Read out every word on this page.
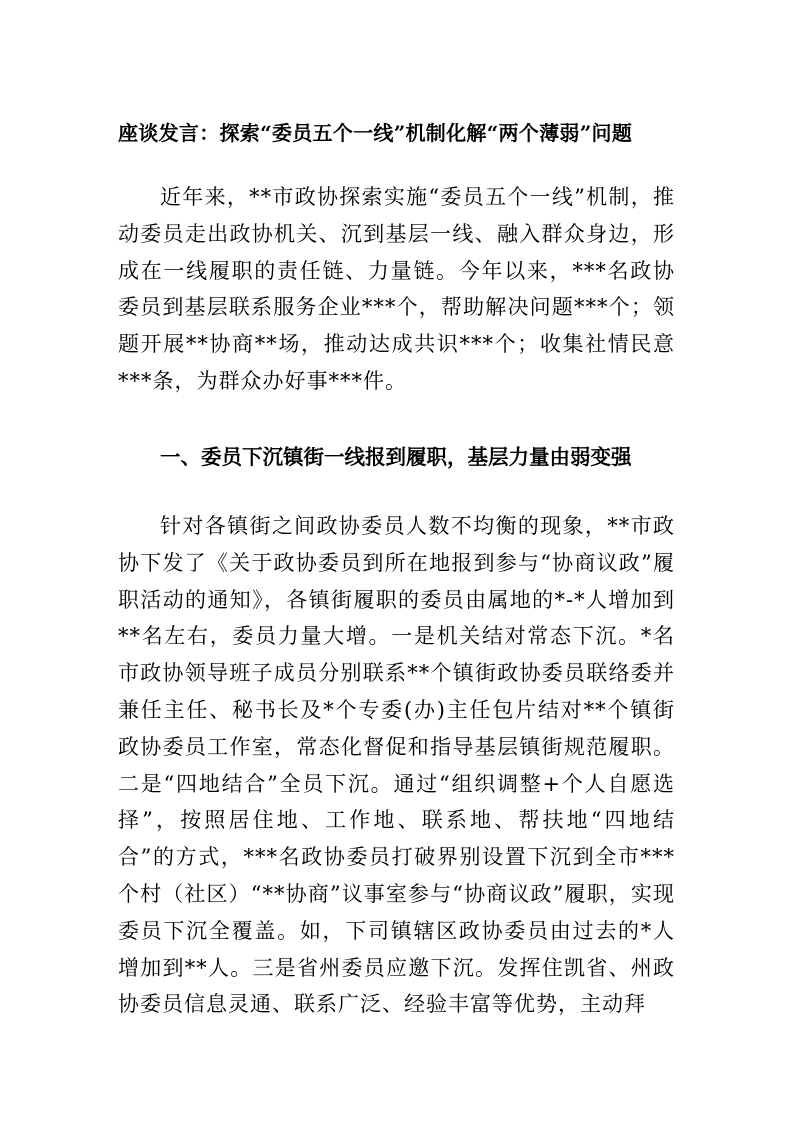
座谈发言：探索“委员五个一线”机制化解“两个薄弱”问题

近年来，**市政协探索实施“委员五个一线”机制，推动委员走出政协机关、沉到基层一线、融入群众身边，形成在一线履职的责任链、力量链。今年以来，***名政协委员到基层联系服务企业***个，帮助解决问题***个；领题开展**协商**场，推动达成共识***个；收集社情民意***条，为群众办好事***件。

一、委员下沉镇街一线报到履职，基层力量由弱变强

针对各镇街之间政协委员人数不均衡的现象，**市政协下发了《关于政协委员到所在地报到参与“协商议政”履职活动的通知》，各镇街履职的委员由属地的*-*人增加到**名左右，委员力量大增。一是机关结对常态下沉。*名市政协领导班子成员分别联系**个镇街政协委员联络委并兼任主任、秘书长及*个专委(办)主任包片结对**个镇街政协委员工作室，常态化督促和指导基层镇街规范履职。二是“四地结合”全员下沉。通过“组织调整+个人自愿选择”，按照居住地、工作地、联系地、帮扶地“四地结合”的方式，***名政协委员打破界别设置下沉到全市***个村（社区）“**协商”议事室参与“协商议政”履职，实现委员下沉全覆盖。如，下司镇辖区政协委员由过去的*人增加到**人。三是省州委员应邀下沉。发挥住凯省、州政协委员信息灵通、联系广泛、经验丰富等优势，主动拜
